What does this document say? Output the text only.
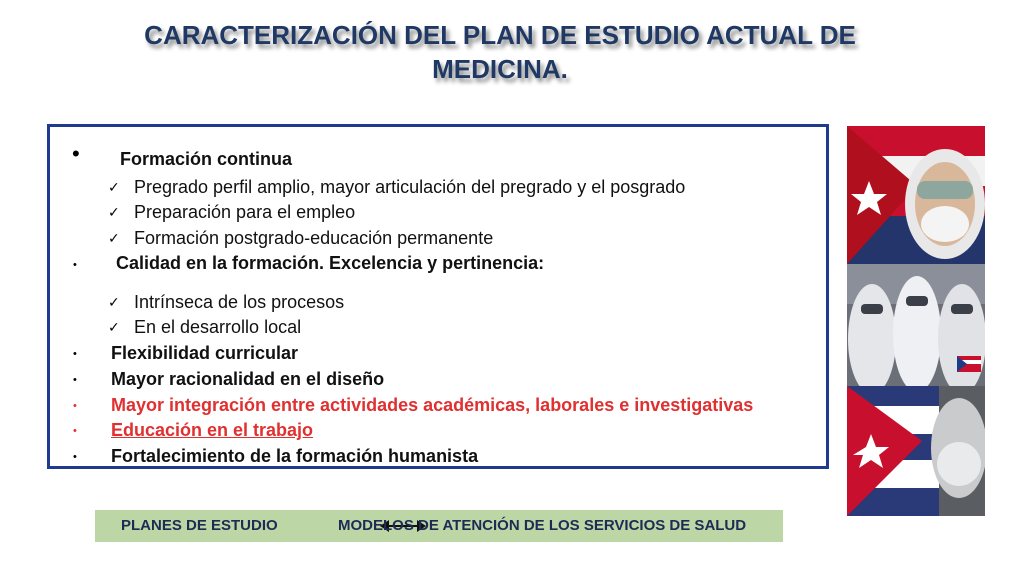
CARACTERIZACIÓN DEL PLAN DE ESTUDIO ACTUAL DE MEDICINA.
• Formación continua
✓ Pregrado perfil amplio, mayor articulación del pregrado y el posgrado
✓ Preparación para el empleo
✓ Formación postgrado-educación permanente
• Calidad en la formación. Excelencia y pertinencia:
✓ Intrínseca de los procesos
✓ En el desarrollo local
• Flexibilidad curricular
• Mayor racionalidad en el diseño
• Mayor integración entre actividades académicas, laborales e investigativas
• Educación en el trabajo
• Fortalecimiento de la formación humanista
PLANES DE ESTUDIO	MODELOS DE ATENCIÓN DE LOS SERVICIOS DE SALUD
